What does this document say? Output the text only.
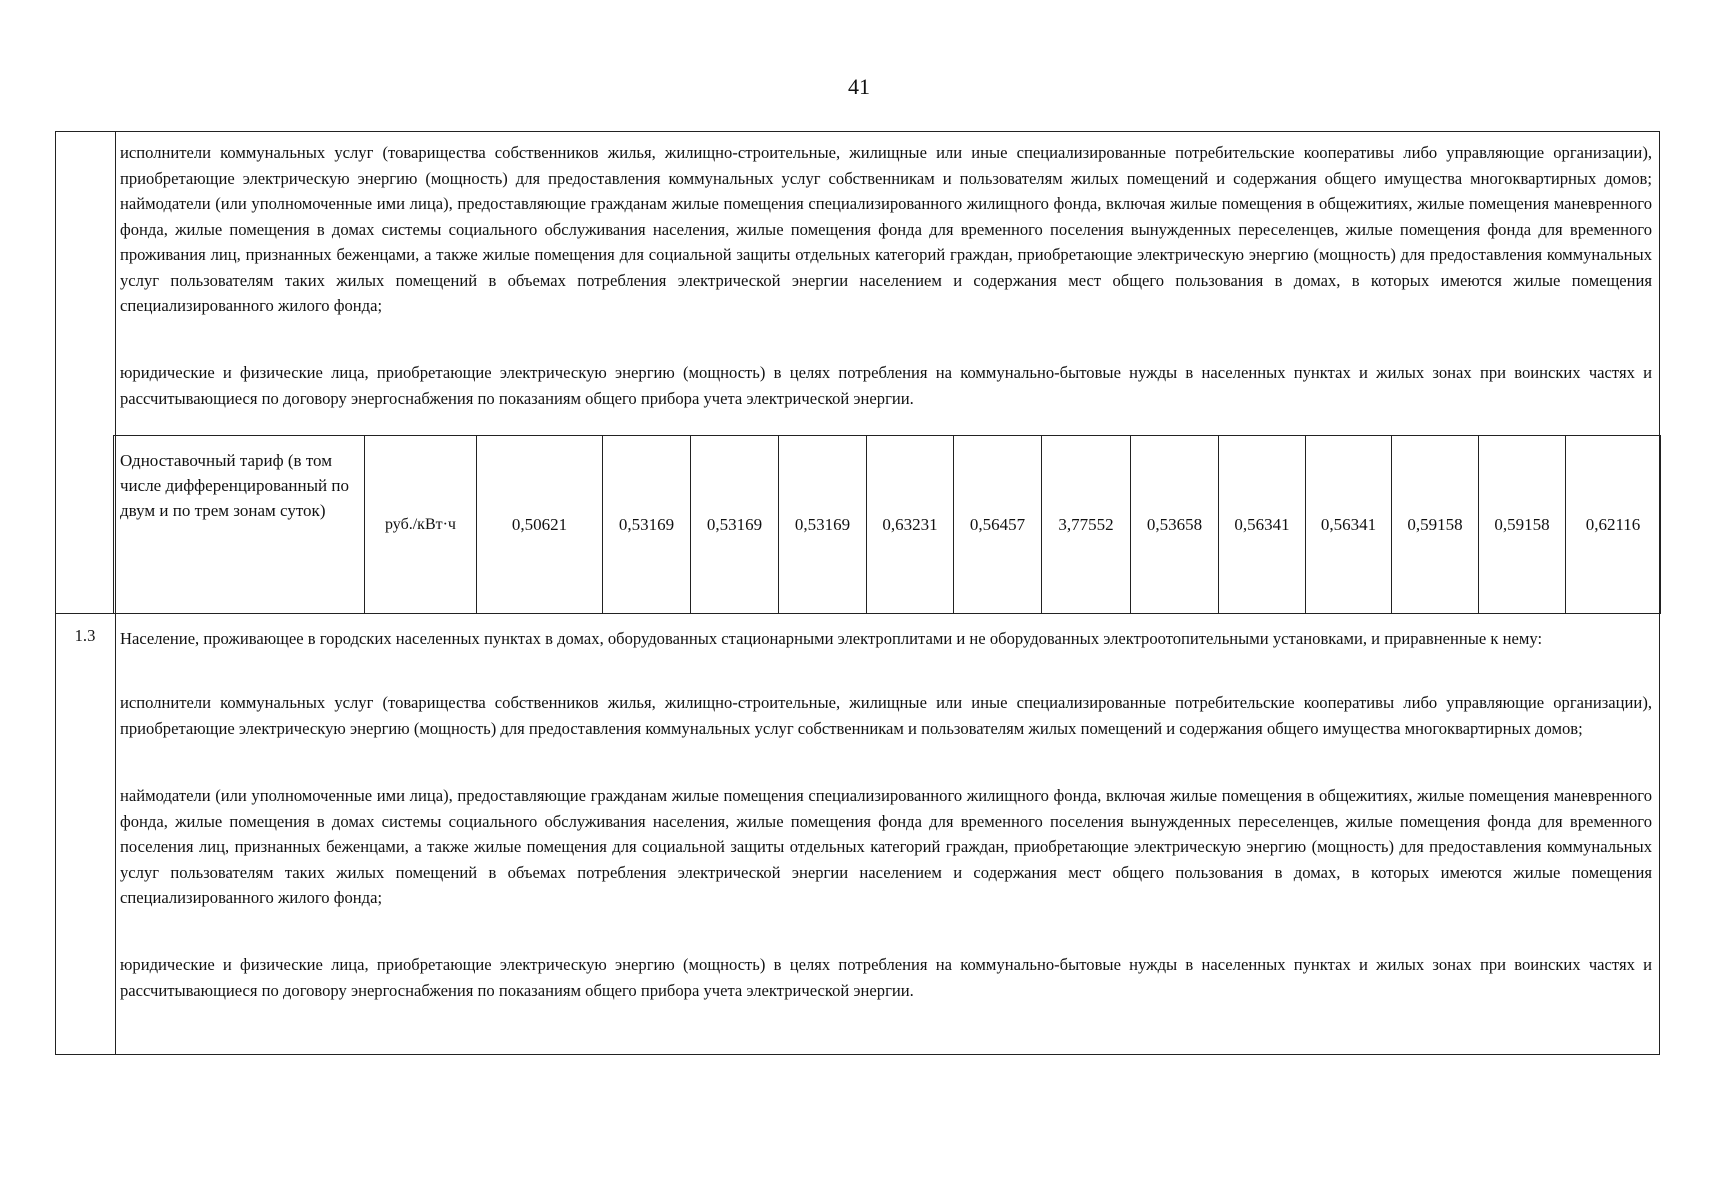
41

исполнители коммунальных услуг (товарищества собственников жилья, жилищно-строительные, жилищные или иные специализированные потребительские кооперативы либо управляющие организации), приобретающие электрическую энергию (мощность) для предоставления коммунальных услуг собственникам и пользователям жилых помещений и содержания общего имущества многоквартирных домов; наймодатели (или уполномоченные ими лица), предоставляющие гражданам жилые помещения специализированного жилищного фонда, включая жилые помещения в общежитиях, жилые помещения маневренного фонда, жилые помещения в домах системы социального обслуживания населения, жилые помещения фонда для временного поселения вынужденных переселенцев, жилые помещения фонда для временного проживания лиц, признанных беженцами, а также жилые помещения для социальной защиты отдельных категорий граждан, приобретающие электрическую энергию (мощность) для предоставления коммунальных услуг пользователям таких жилых помещений в объемах потребления электрической энергии населением и содержания мест общего пользования в домах, в которых имеются жилые помещения специализированного жилого фонда;

юридические и физические лица, приобретающие электрическую энергию (мощность) в целях потребления на коммунально-бытовые нужды в населенных пунктах и жилых зонах при воинских частях и рассчитывающиеся по договору энергоснабжения по показаниям общего прибора учета электрической энергии.

Одноставочный тариф (в том числе дифференцированный по двум и по трем зонам суток)	руб./кВт·ч	0,50621	0,53169	0,53169	0,53169	0,63231	0,56457	3,77552	0,53658	0,56341	0,56341	0,59158	0,59158	0,62116
1.3	Население, проживающее в городских населенных пунктах в домах, оборудованных стационарными электроплитами и не оборудованных электроотопительными установками, и приравненные к нему:

исполнители коммунальных услуг (товарищества собственников жилья, жилищно-строительные, жилищные или иные специализированные потребительские кооперативы либо управляющие организации), приобретающие электрическую энергию (мощность) для предоставления коммунальных услуг собственникам и пользователям жилых помещений и содержания общего имущества многоквартирных домов;

наймодатели (или уполномоченные ими лица), предоставляющие гражданам жилые помещения специализированного жилищного фонда, включая жилые помещения в общежитиях, жилые помещения маневренного фонда, жилые помещения в домах системы социального обслуживания населения, жилые помещения фонда для временного поселения вынужденных переселенцев, жилые помещения фонда для временного поселения лиц, признанных беженцами, а также жилые помещения для социальной защиты отдельных категорий граждан, приобретающие электрическую энергию (мощность) для предоставления коммунальных услуг пользователям таких жилых помещений в объемах потребления электрической энергии населением и содержания мест общего пользования в домах, в которых имеются жилые помещения специализированного жилого фонда;

юридические и физические лица, приобретающие электрическую энергию (мощность) в целях потребления на коммунально-бытовые нужды в населенных пунктах и жилых зонах при воинских частях и рассчитывающиеся по договору энергоснабжения по показаниям общего прибора учета электрической энергии.
